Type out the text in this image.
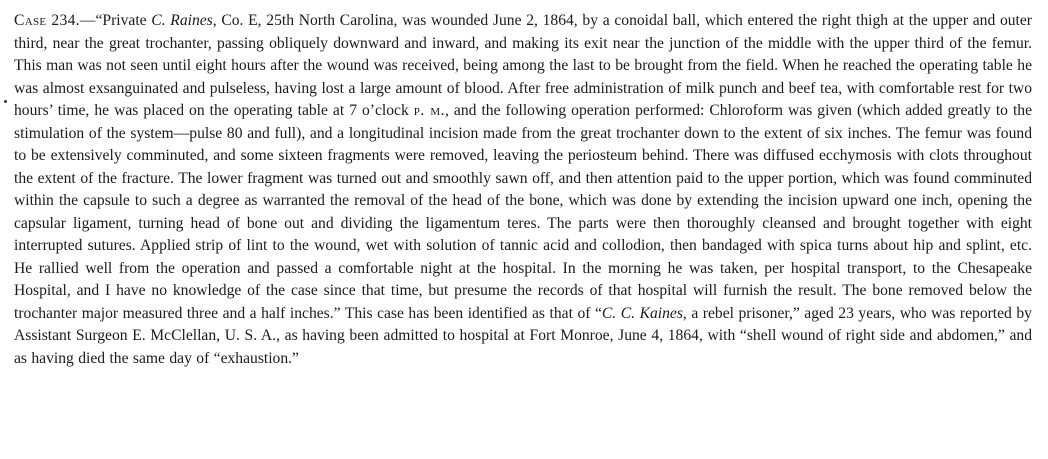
Case 234.—“Private C. Raines, Co. E, 25th North Carolina, was wounded June 2, 1864, by a conoidal ball, which entered the right thigh at the upper and outer third, near the great trochanter, passing obliquely downward and inward, and making its exit near the junction of the middle with the upper third of the femur. This man was not seen until eight hours after the wound was received, being among the last to be brought from the field. When he reached the operating table he was almost exsanguinated and pulseless, having lost a large amount of blood. After free administration of milk punch and beef tea, with comfortable rest for two hours’ time, he was placed on the operating table at 7 o’clock p. m., and the following operation performed: Chloroform was given (which added greatly to the stimulation of the system—pulse 80 and full), and a longitudinal incision made from the great trochanter down to the extent of six inches. The femur was found to be extensively comminuted, and some sixteen fragments were removed, leaving the periosteum behind. There was diffused ecchymosis with clots throughout the extent of the fracture. The lower fragment was turned out and smoothly sawn off, and then attention paid to the upper portion, which was found comminuted within the capsule to such a degree as warranted the removal of the head of the bone, which was done by extending the incision upward one inch, opening the capsular ligament, turning head of bone out and dividing the ligamentum teres. The parts were then thoroughly cleansed and brought together with eight interrupted sutures. Applied strip of lint to the wound, wet with solution of tannic acid and collodion, then bandaged with spica turns about hip and splint, etc. He rallied well from the operation and passed a comfortable night at the hospital. In the morning he was taken, per hospital transport, to the Chesapeake Hospital, and I have no knowledge of the case since that time, but presume the records of that hospital will furnish the result. The bone removed below the trochanter major measured three and a half inches.” This case has been identified as that of “C. C. Kaines, a rebel prisoner,” aged 23 years, who was reported by Assistant Surgeon E. McClellan, U. S. A., as having been admitted to hospital at Fort Monroe, June 4, 1864, with “shell wound of right side and abdomen,” and as having died the same day of “exhaustion.”
